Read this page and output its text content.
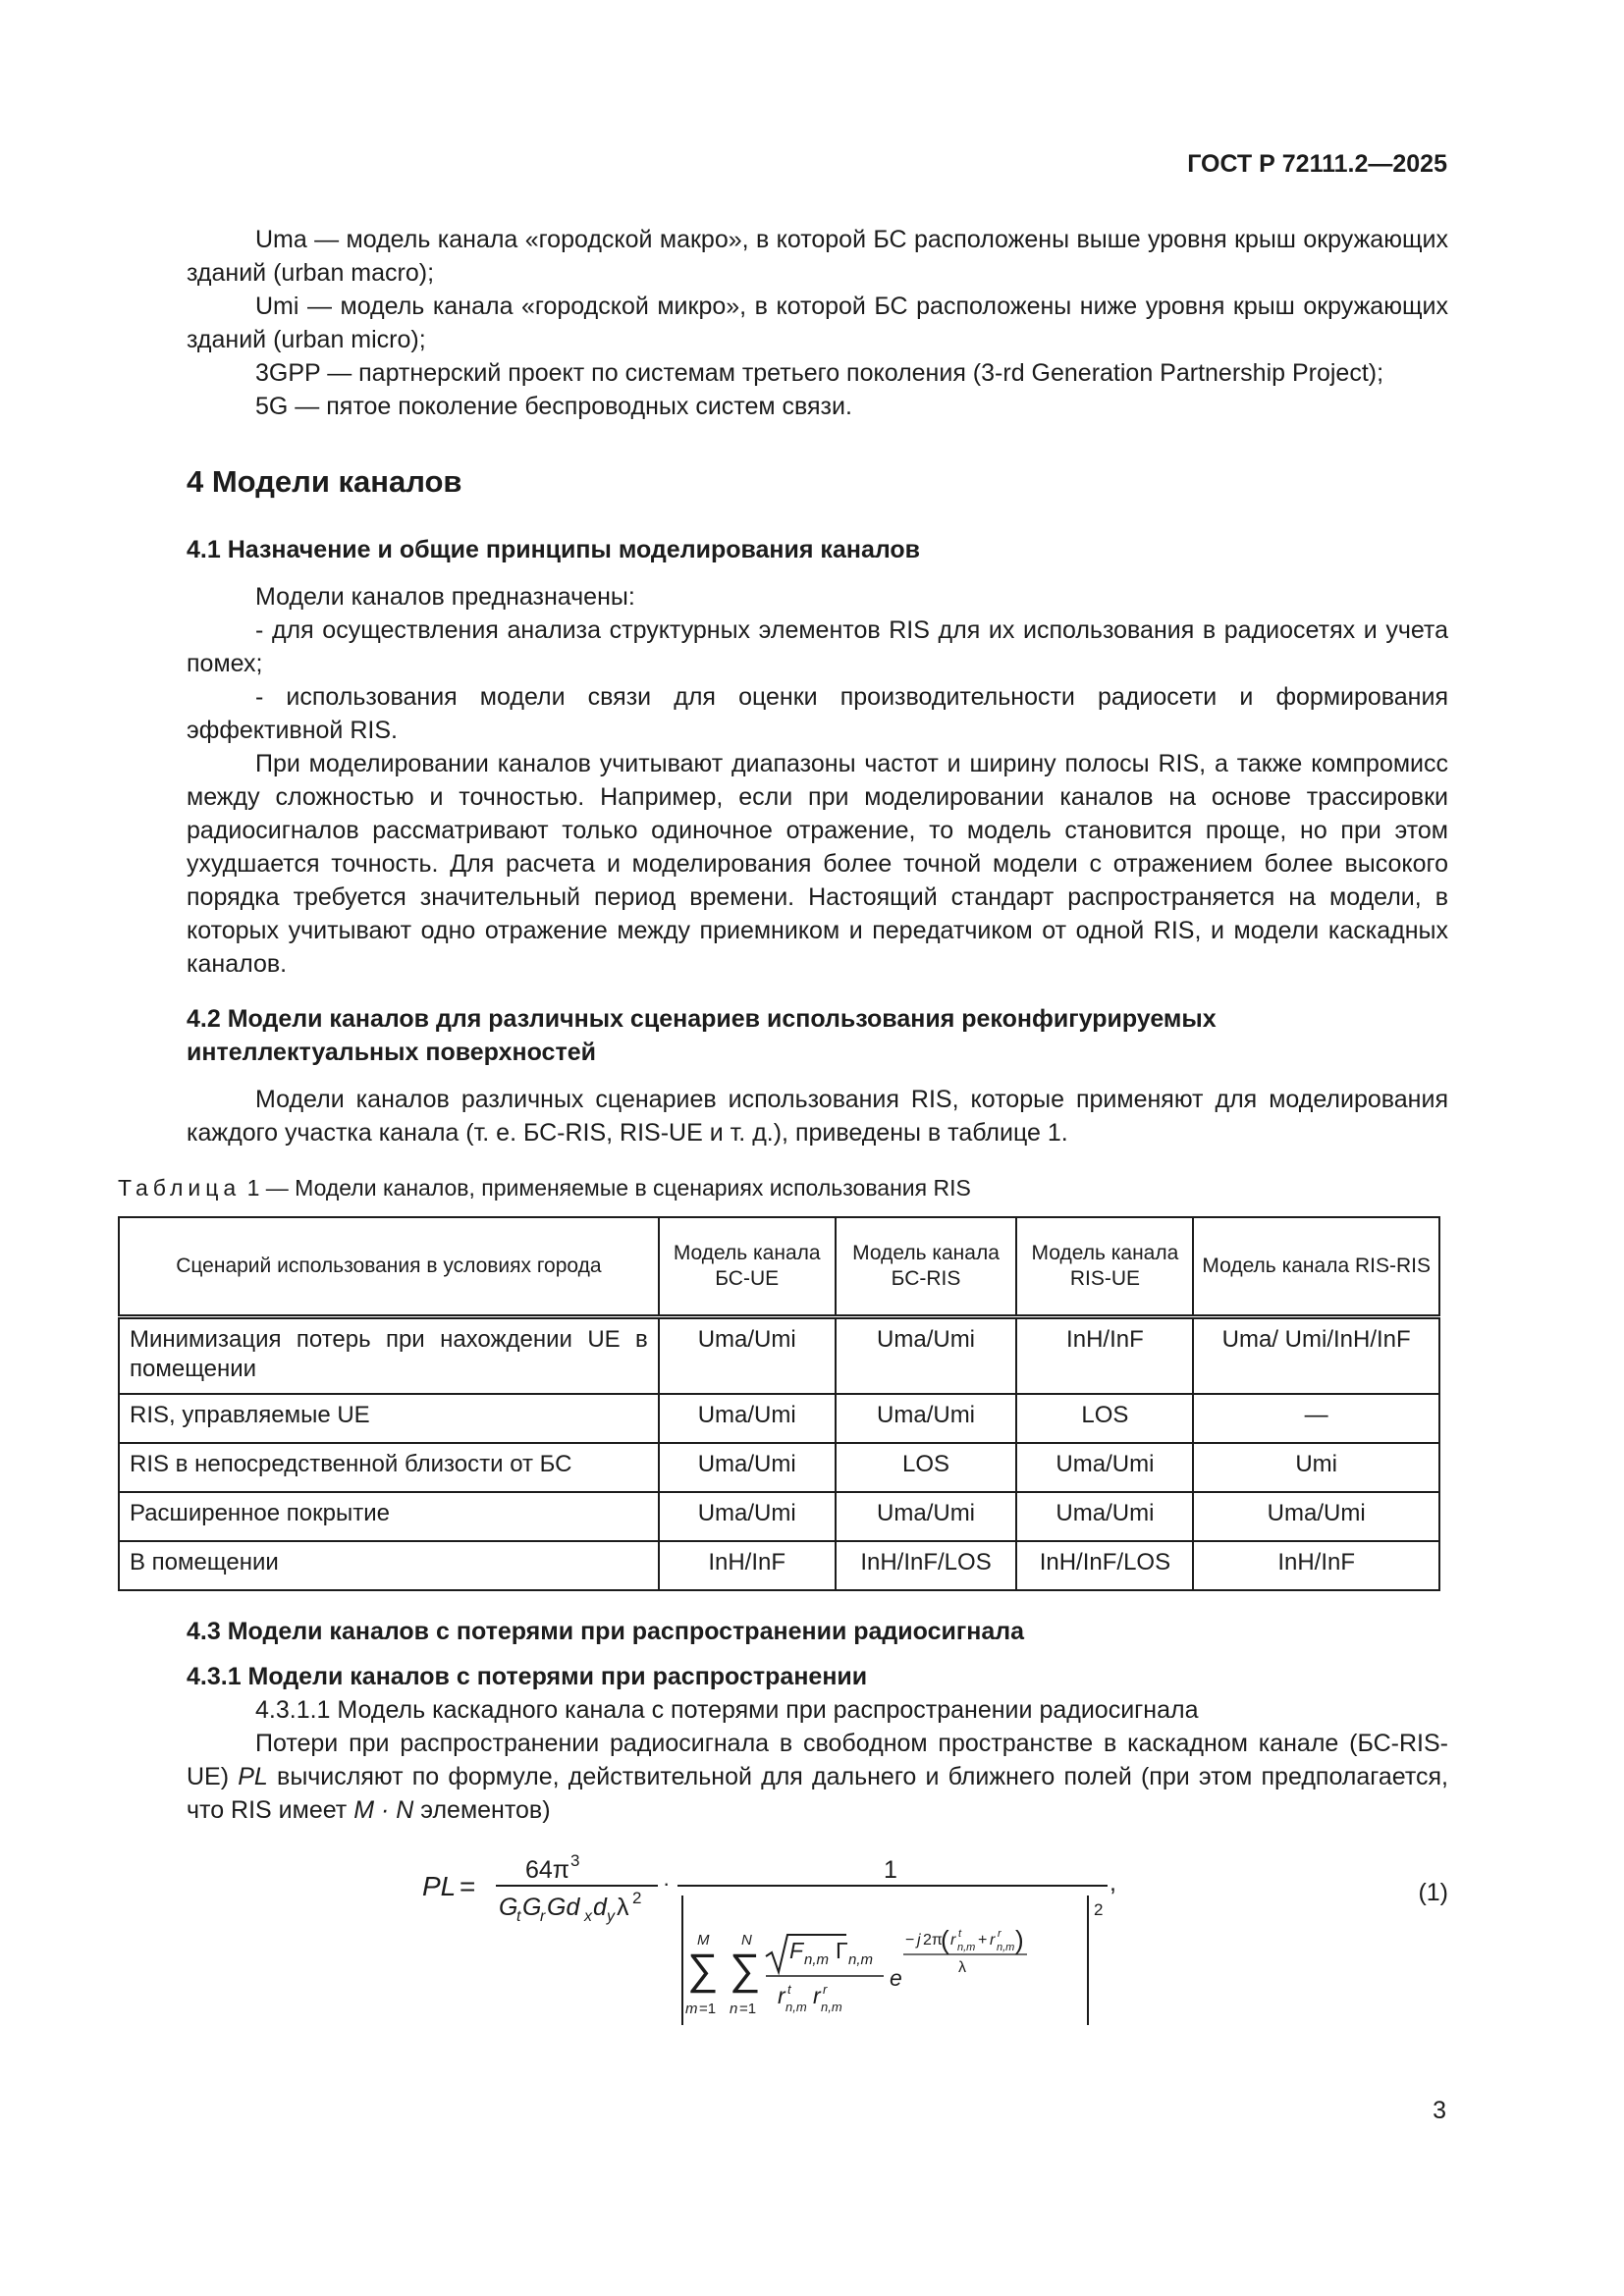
ГОСТ Р 72111.2—2025

Uma — модель канала «городской макро», в которой БС расположены выше уровня крыш окружающих зданий (urban macro);

Umi — модель канала «городской микро», в которой БС расположены ниже уровня крыш окружающих зданий (urban micro);

3GPP — партнерский проект по системам третьего поколения (3-rd Generation Partnership Project);

5G — пятое поколение беспроводных систем связи.

4 Модели каналов
4.1 Назначение и общие принципы моделирования каналов

Модели каналов предназначены:

- для осуществления анализа структурных элементов RIS для их использования в радиосетях и учета помех;

- использования модели связи для оценки производительности радиосети и формирования эффективной RIS.

При моделировании каналов учитывают диапазоны частот и ширину полосы RIS, а также компромисс между сложностью и точностью. Например, если при моделировании каналов на основе трассировки радиосигналов рассматривают только одиночное отражение, то модель становится проще, но при этом ухудшается точность. Для расчета и моделирования более точной модели с отражением более высокого порядка требуется значительный период времени. Настоящий стандарт распространяется на модели, в которых учитывают одно отражение между приемником и передатчиком от одной RIS, и модели каскадных каналов.

4.2 Модели каналов для различных сценариев использования реконфигурируемых интеллектуальных поверхностей

Модели каналов различных сценариев использования RIS, которые применяют для моделирования каждого участка канала (т. е. БС-RIS, RIS-UE и т. д.), приведены в таблице 1.

Таблица 1 — Модели каналов, применяемые в сценариях использования RIS
Сценарий использования в условиях города	Модель канала БС-UE	Модель канала БС-RIS	Модель канала RIS-UE	Модель канала RIS-RIS
Минимизация потерь при нахождении UE в помещении	Uma/Umi	Uma/Umi	InH/InF	Uma/ Umi/InH/InF
RIS, управляемые UE	Uma/Umi	Uma/Umi	LOS	—
RIS в непосредственной близости от БС	Uma/Umi	LOS	Uma/Umi	Umi
Расширенное покрытие	Uma/Umi	Uma/Umi	Uma/Umi	Uma/Umi
В помещении	InH/InF	InH/InF/LOS	InH/InF/LOS	InH/InF
4.3 Модели каналов с потерями при распространении радиосигнала
4.3.1 Модели каналов с потерями при распространении

4.3.1.1 Модель каскадного канала с потерями при распространении радиосигнала

Потери при распространении радиосигнала в свободном пространстве в каскадном канале (БС-RIS-UE) PL вычисляют по формуле, действительной для дальнего и ближнего полей (при этом предполагается, что RIS имеет M · N элементов)

PL =
64π 3
G
t G
r Gd x d y λ 2
·	1
2
,
M
∑
m =1
N
∑
n =1
F n,m Γ n,m
r t
n,m r r
n,m
e
− j 2π
( r t
n,m + r r
n,m )
λ
(1)
3
